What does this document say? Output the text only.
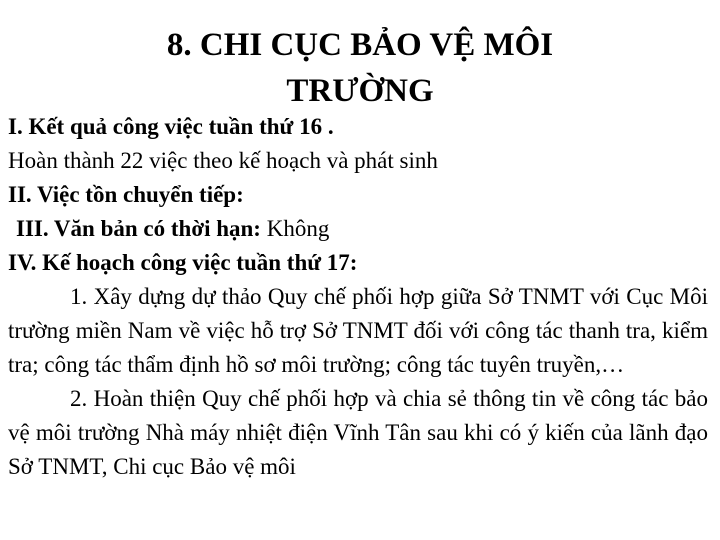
8. CHI CỤC BẢO VỆ MÔI
TRƯỜNG

I. Kết quả công việc tuần thứ 16 .

Hoàn thành 22 việc theo kế hoạch và phát sinh

II. Việc tồn chuyển tiếp:

III. Văn bản có thời hạn: Không

IV. Kế hoạch công việc tuần thứ 17:

1. Xây dựng dự thảo Quy chế phối hợp giữa Sở TNMT với Cục Môi trường miền Nam về việc hỗ trợ Sở TNMT đối với công tác thanh tra, kiểm tra; công tác thẩm định hồ sơ môi trường; công tác tuyên truyền,…

2. Hoàn thiện Quy chế phối hợp và chia sẻ thông tin về công tác bảo vệ môi trường Nhà máy nhiệt điện Vĩnh Tân sau khi có ý kiến của lãnh đạo Sở TNMT, Chi cục Bảo vệ môi
